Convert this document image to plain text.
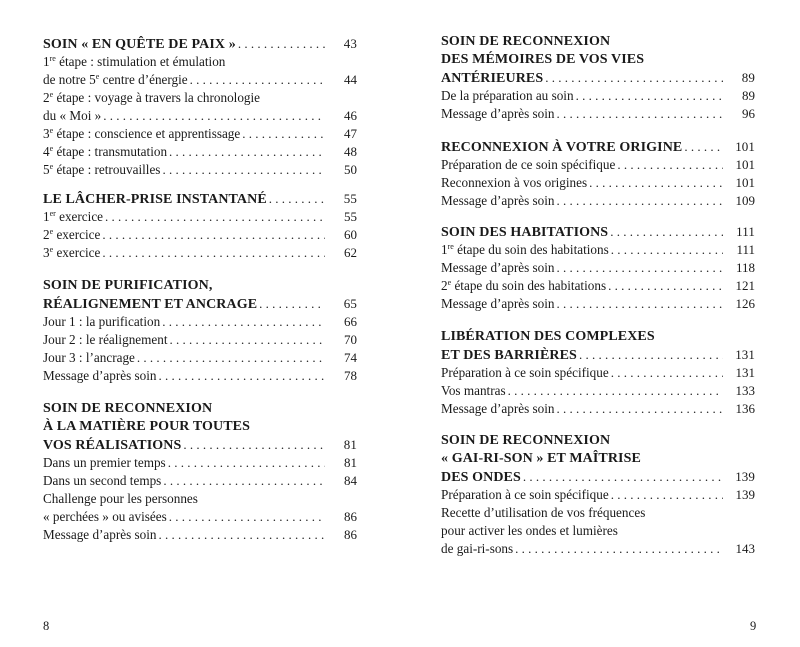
SOIN « EN QUÊTE DE PAIX » . . .	43
1re étape : stimulation et émulation
de notre 5e centre d’énergie . . .	44
2e étape : voyage à travers la chronologie
du « Moi » . . .	46
3e étape : conscience et apprentissage . . .	47
4e étape : transmutation . . .	48
5e étape : retrouvailles . . .	50
LE LÂCHER-PRISE INSTANTANÉ . . .	55
1er exercice . . .	55
2e exercice . . .	60
3e exercice . . .	62
SOIN DE PURIFICATION,
RÉALIGNEMENT ET ANCRAGE . . .	65
Jour 1 : la purification . . .	66
Jour 2 : le réalignement . . .	70
Jour 3 : l’ancrage . . .	74
Message d’après soin . . .	78
SOIN DE RECONNEXION
À LA MATIÈRE POUR TOUTES
VOS RÉALISATIONS . . .	81
Dans un premier temps . . .	81
Dans un second temps . . .	84
Challenge pour les personnes
« perchées » ou avisées . . .	86
Message d’après soin . . .	86
SOIN DE RECONNEXION
DES MÉMOIRES DE VOS VIES
ANTÉRIEURES . . .	89
De la préparation au soin . . .	89
Message d’après soin . . .	96
RECONNEXION À VOTRE ORIGINE . . .	101
Préparation de ce soin spécifique . . .	101
Reconnexion à vos origines . . .	101
Message d’après soin . . .	109
SOIN DES HABITATIONS . . .	111
1re étape du soin des habitations . . .	111
Message d’après soin . . .	118
2e étape du soin des habitations . . .	121
Message d’après soin . . .	126
LIBÉRATION DES COMPLEXES
ET DES BARRIÈRES . . .	131
Préparation à ce soin spécifique . . .	131
Vos mantras . . .	133
Message d’après soin . . .	136
SOIN DE RECONNEXION
« GAI-RI-SON » ET MAÎTRISE
DES ONDES . . .	139
Préparation à ce soin spécifique . . .	139
Recette d’utilisation de vos fréquences
pour activer les ondes et lumières
de gai-ri-sons . . .	143
8	9
